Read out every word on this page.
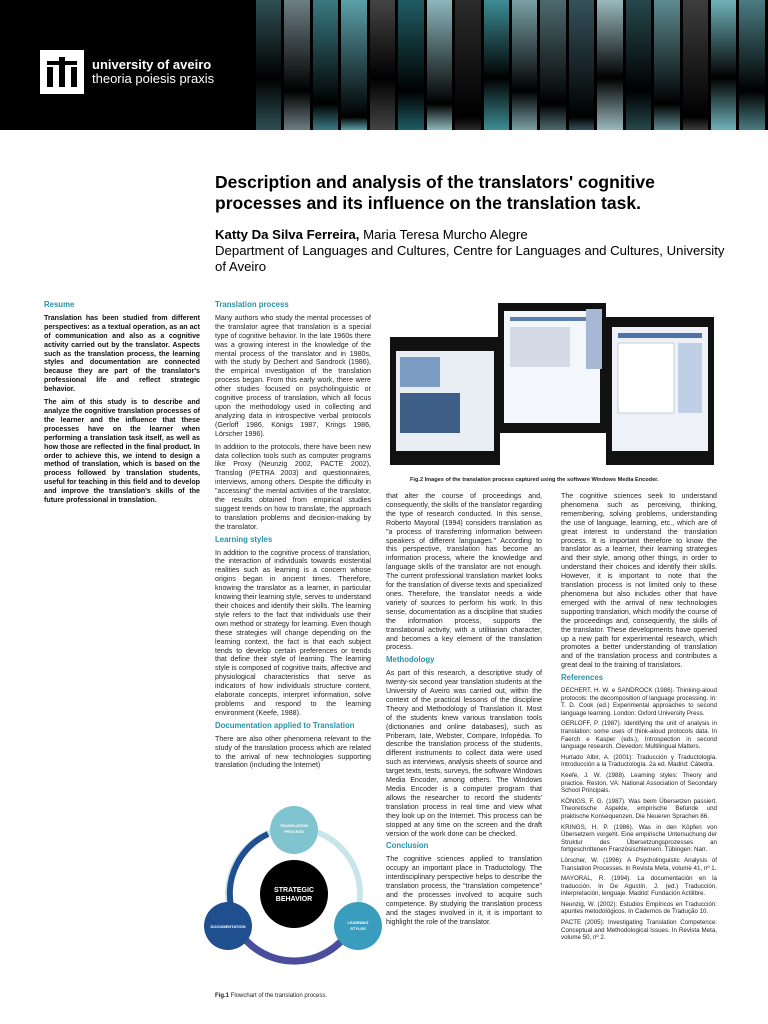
university of aveiro
theoria poiesis praxis
Description and analysis of the translators' cognitive processes and its influence on the translation task.
Katty Da Silva Ferreira, Maria Teresa Murcho Alegre
Department of Languages and Cultures, Centre for Languages and Cultures, University of Aveiro
Resume

Translation has been studied from different perspectives: as a textual operation, as an act of communication and also as a cognitive activity carried out by the translator. Aspects such as the translation process, the learning styles and documentation are connected because they are part of the translator's professional life and reflect strategic behavior.

The aim of this study is to describe and analyze the cognitive translation processes of the learner and the influence that these processes have on the learner when performing a translation task itself, as well as how those are reflected in the final product. In order to achieve this, we intend to design a method of translation, which is based on the process followed by translation students, useful for teaching in this field and to develop and improve the translation's skills of the future professional in translation.

Translation process

Many authors who study the mental processes of the translator agree that translation is a special type of cognitive behavior. In the late 1960s there was a growing interest in the knowledge of the mental process of the translator and in 1980s, with the study by Dechert and Sandrock (1986), the empirical investigation of the translation process began. From this early work, there were other studies focused on psycholinguistic or cognitive process of translation, which all focus upon the methodology used in collecting and analyzing data in introspective verbal protocols (Gerloff 1986, Königs 1987, Krings 1986, Lörscher 1996).

In addition to the protocols, there have been new data collection tools such as computer programs like Proxy (Neunzig 2002, PACTE 2002), Translog (PETRA 2003) and questionnaires, interviews, among others. Despite the difficulty in "accessing" the mental activities of the translator, the results obtained from empirical studies suggest trends on how to translate, the approach to translation problems and decision-making by the translator.

Learning styles

In addition to the cognitive process of translation, the interaction of individuals towards existential realities such as learning is a concern whose origins began in ancient times. Therefore, knowing the translator as a learner, in particular knowing their learning style, serves to understand their choices and identify their skills. The learning style refers to the fact that individuals use their own method or strategy for learning. Even though these strategies will change depending on the learning context, the fact is that each subject tends to develop certain preferences or trends that define their style of learning. The learning style is composed of cognitive traits, affective and physiological characteristics that serve as indicators of how individuals structure content, elaborate concepts, interpret information, solve problems and respond to the learning environment (Keefe, 1988).

Documentation applied to Translation

There are also other phenomena relevant to the study of the translation process which are related to the arrival of new technologies supporting translation (including the Internet)

STRATEGIC
BEHAVIOR
TRANSLATION
PROCESS
DOCUMENTATION
LEARNING
STYLES
Fig.1 Flowchart of the translation process.
Fig.2 Images of the translation process captured using the software Windows Media Encoder.

that alter the course of proceedings and, consequently, the skills of the translator regarding the type of research conducted. In this sense, Roberto Mayoral (1994) considers translation as "a process of transferring information between speakers of different languages." According to this perspective, translation has become an information process, where the knowledge and language skills of the translator are not enough. The current professional translation market looks for the translation of diverse texts and specialized ones. Therefore, the translator needs a wide variety of sources to perform his work. In this sense, documentation as a discipline that studies the information process, supports the translational activity, with a utilitarian character, and becomes a key element of the translation process.

Methodology

As part of this research, a descriptive study of twenty-six second year translation students at the University of Aveiro was carried out, within the context of the practical lessons of the discipline Theory and Methodology of Translation II. Most of the students knew various translation tools (dictionaries and online databases), such as Priberam, Iate, Webster, Compare, Infopédia. To describe the translation process of the students, different instruments to collect data were used such as interviews, analysis sheets of source and target texts, tests, surveys, the software Windows Media Encoder, among others. The Windows Media Encoder is a computer program that allows the researcher to record the students' translation process in real time and view what they look up on the Internet. This process can be stopped at any time on the screen and the draft version of the work done can be checked.

Conclusion

The cognitive sciences applied to translation occupy an important place in Traductology. The interdisciplinary perspective helps to describe the translation process, the "translation competence" and the processes involved to acquire such competence. By studying the translation process and the stages involved in it, it is important to highlight the role of the translator.

The cognitive sciences seek to understand phenomena such as perceiving, thinking, remembering, solving problems, understanding the use of language, learning, etc., which are of great interest to understand the translation process. It is important therefore to know the translator as a learner, their learning strategies and their style, among other things, in order to understand their choices and identify their skills. However, it is important to note that the translation process is not limited only to these phenomena but also includes other that have emerged with the arrival of new technologies supporting translation, which modify the course of the proceedings and, consequently, the skills of the translator. These developments have opened up a new path for experimental research, which promotes a better understanding of translation and of the translation process and contributes a great deal to the training of translators.

References
DECHERT, H. W. e SANDROCK (1986). Thinking-aloud protocols: the decomposition of language processing. In: T. D. Cook (ed.) Experimental approaches to second language learning. London: Oxford University Press.
GERLOFF, P. (1987). Identifying the unit of analysis in translation: some uses of think-aloud protocols data. In Faerch e Kasper (eds.), Introspection in second language research. Clevedon: Multilingual Matters.
Hurtado Albir, A. (2001): Traducción y Traductología. Introducción a la Traductología. 2a ed. Madrid: Cátedra.
Keefe, J. W. (1988). Learning styles: Theory and practice. Reston, VA: National Association of Secondary School Principals.
KÖNIGS, F. G. (1987). Was beim Übersetzen passiert. Theoretische Aspekte, empirische Befunde und praktische Konsequenzen. Die Neueren Sprachen 86.
KRINGS, H. P. (1986). Was in den Köpfen von Übersetzern vorgeht. Eine empirische Untersuchung der Struktur des Übersetzungsprozesses an fortgeschrittenen Französischlernern. Tübingen: Narr.
Lörscher, W. (1996): A Psycholinguistic Analysis of Translation Processes. In Revista Meta, volume 41, nº 1.
MAYORAL, R. (1994). La documentación en la traducción. In De Agustín, J. (ed.) Traducción, interpretación, lenguaje. Madrid: Fundación Actilibre.
Neunzig, W. (2002): Estudios Empíricos en Traducción: apuntes metodológicos. In Cadernos de Tradução 10.
PACTE (2005): Investigating Translation Competence: Conceptual and Methodological Issues. In Revista Meta, volume 50, nº 2.
